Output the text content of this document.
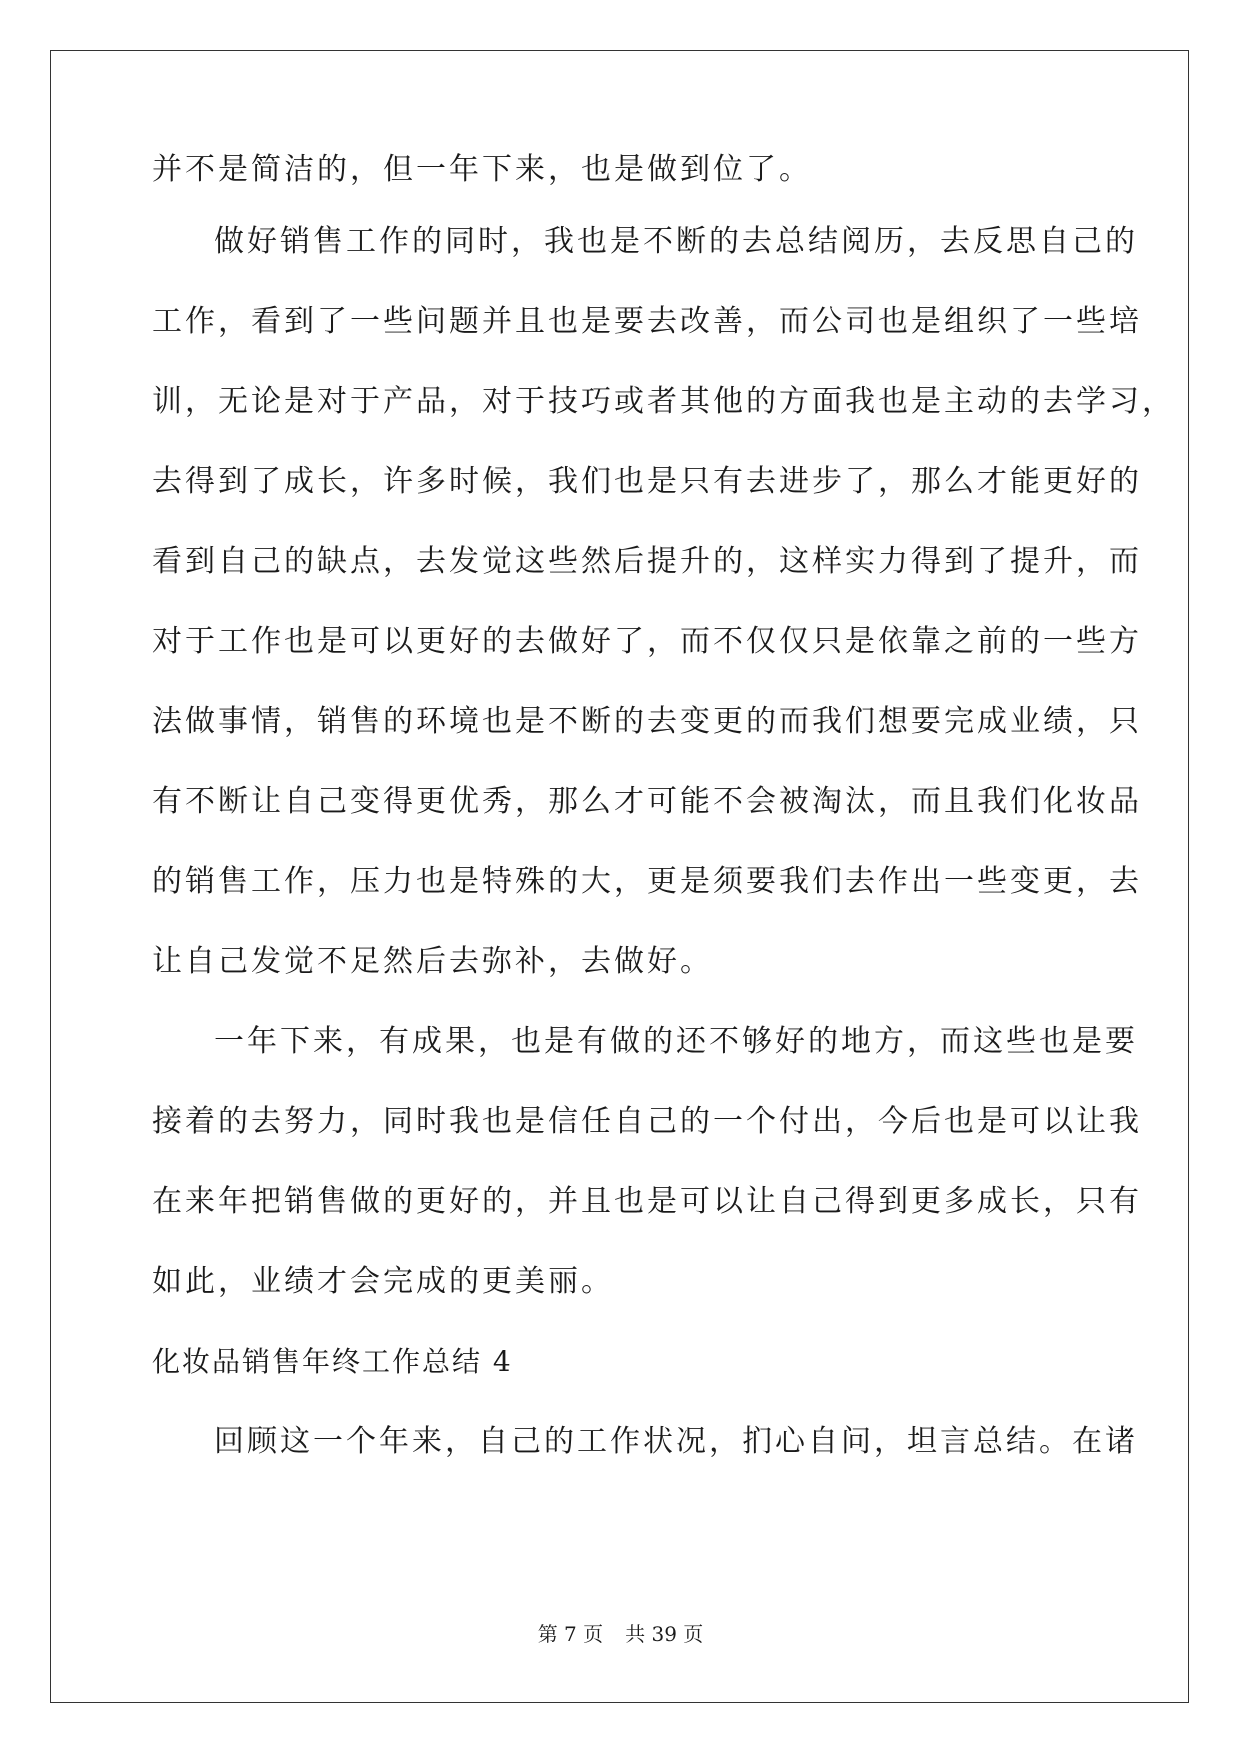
并不是简洁的，但一年下来，也是做到位了。
做好销售工作的同时，我也是不断的去总结阅历，去反思自己的
工作，看到了一些问题并且也是要去改善，而公司也是组织了一些培
训，无论是对于产品，对于技巧或者其他的方面我也是主动的去学习，
去得到了成长，许多时候，我们也是只有去进步了，那么才能更好的
看到自己的缺点，去发觉这些然后提升的，这样实力得到了提升，而
对于工作也是可以更好的去做好了，而不仅仅只是依靠之前的一些方
法做事情，销售的环境也是不断的去变更的而我们想要完成业绩，只
有不断让自己变得更优秀，那么才可能不会被淘汰，而且我们化妆品
的销售工作，压力也是特殊的大，更是须要我们去作出一些变更，去
让自己发觉不足然后去弥补，去做好。
一年下来，有成果，也是有做的还不够好的地方，而这些也是要
接着的去努力，同时我也是信任自己的一个付出，今后也是可以让我
在来年把销售做的更好的，并且也是可以让自己得到更多成长，只有
如此，业绩才会完成的更美丽。
化妆品销售年终工作总结 4
回顾这一个年来，自己的工作状况，扪心自问，坦言总结。在诸
第 7 页 共 39 页
